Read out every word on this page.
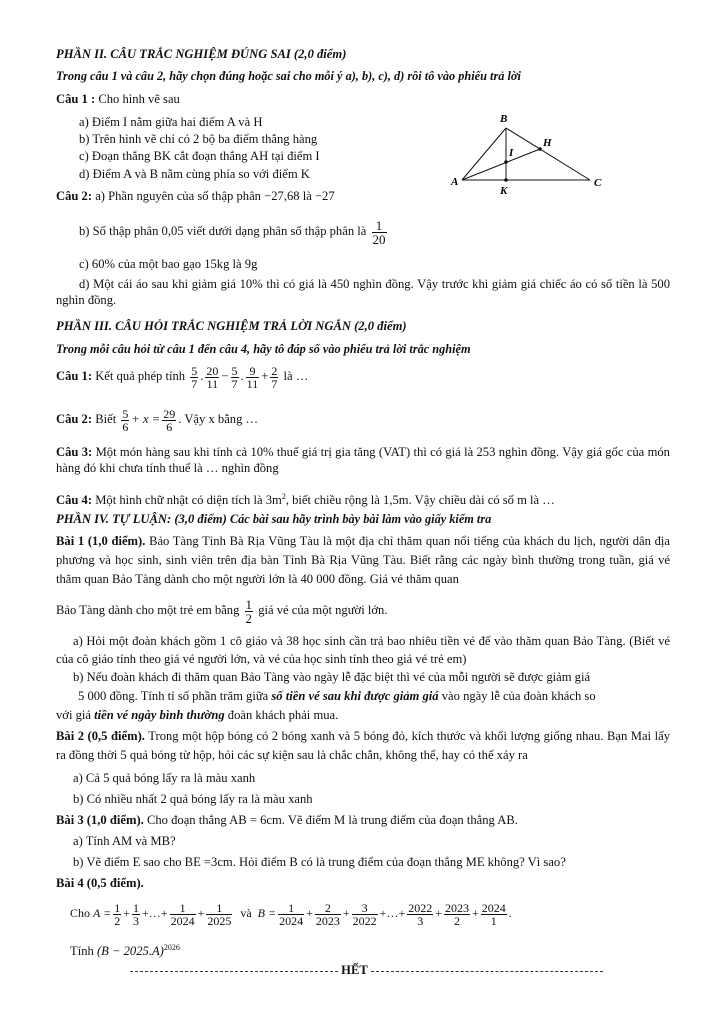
PHẦN II. CÂU TRẮC NGHIỆM ĐÚNG SAI (2,0 điểm)
Trong câu 1 và câu 2, hãy chọn đúng hoặc sai cho mỗi ý a), b), c), d) rồi tô vào phiếu trả lời
Câu 1 : Cho hình vẽ sau
a) Điểm I nằm giữa hai điểm A và H
b) Trên hình vẽ chỉ có 2 bộ ba điểm thẳng hàng
c) Đoạn thẳng BK cắt đoạn thẳng AH tại điểm I
d) Điểm A và B nằm cùng phía so với điểm K
B
H
I
A
K
C
Câu 2: a) Phần nguyên của số thập phân −27,68 là −27
b) Số thập phân 0,05 viết dưới dạng phân số thập phân là $\frac{1}{20}$
c) 60% của một bao gạo 15kg là 9g
d) Một cái áo sau khi giảm giá 10% thì có giá là 450 nghìn đồng. Vậy trước khi giảm giá chiếc áo có số tiền là 500 nghìn đồng.
PHẦN III. CÂU HỎI TRẮC NGHIỆM TRẢ LỜI NGẮN (2,0 điểm)
Trong mỗi câu hỏi từ câu 1 đến câu 4, hãy tô đáp số vào phiếu trả lời trắc nghiệm
Câu 1: Kết quả phép tính $\frac{5}{7}$ . $\frac{20}{11} - \frac{5}{7}$ . $\frac{9}{11} + \frac{2}{7}$ là …
Câu 2: Biết $\frac{5}{6} + x = \frac{29}{6}$ . Vậy x bằng …
Câu 3: Một món hàng sau khi tính cả 10% thuế giá trị gia tăng (VAT) thì có giá là 253 nghìn đồng. Vậy giá gốc của món hàng đó khi chưa tính thuế là … nghìn đồng
Câu 4: Một hình chữ nhật có diện tích là $3m^2$, biết chiều rộng là 1,5m. Vậy chiều dài có số m là …
PHẦN IV. TỰ LUẬN: (3,0 điểm) Các bài sau hãy trình bày bài làm vào giấy kiểm tra
Bài 1 (1,0 điểm). Bảo Tàng Tỉnh Bà Rịa Vũng Tàu là một địa chỉ thăm quan nổi tiếng của khách du lịch, người dân địa phương và học sinh, sinh viên trên địa bàn Tỉnh Bà Rịa Vũng Tàu. Biết rằng các ngày bình thường trong tuần, giá vé thăm quan Bảo Tàng dành cho một người lớn là 40 000 đồng. Giá vé thăm quan
Bảo Tàng dành cho một trẻ em bằng $\frac{1}{2}$ giá vé của một người lớn.
a) Hỏi một đoàn khách gồm 1 cô giáo và 38 học sinh cần trả bao nhiêu tiền vé để vào thăm quan Bảo Tàng. (Biết vé của cô giáo tính theo giá vé người lớn, và vé của học sinh tính theo giá vé trẻ em)
b) Nếu đoàn khách đi thăm quan Bảo Tàng vào ngày lễ đặc biệt thì vé của mỗi người sẽ được giảm giá
5 000 đồng. Tính tỉ số phần trăm giữa số tiền vé sau khi được giảm giá vào ngày lễ của đoàn khách so
với giá tiền vé ngày bình thường đoàn khách phải mua.
Bài 2 (0,5 điểm). Trong một hộp bóng có 2 bóng xanh và 5 bóng đỏ, kích thước và khối lượng giống nhau. Bạn Mai lấy ra đồng thời 5 quả bóng từ hộp, hỏi các sự kiện sau là chắc chắn, không thể, hay có thể xảy ra
a) Cả 5 quả bóng lấy ra là màu xanh
b) Có nhiều nhất 2 quả bóng lấy ra là màu xanh
Bài 3 (1,0 điểm). Cho đoạn thẳng AB = 6cm. Vẽ điểm M là trung điểm của đoạn thẳng AB.
a) Tính AM và MB?
b) Vẽ điểm E sao cho BE =3cm. Hỏi điểm B có là trung điểm của đoạn thẳng ME không? Vì sao?
Bài 4 (0,5 điểm).
Cho $A = \frac{1}{2} + \frac{1}{3}$ +…+ $\frac{1}{2024} + \frac{1}{2025}$ và $B = \frac{1}{2024} + \frac{2}{2023} + \frac{3}{2022}$ +…+ $\frac{2022}{3} + \frac{2023}{2} + \frac{2024}{1}$ .
Tính $(B - 2025.A)^{2026}$
HẾT
